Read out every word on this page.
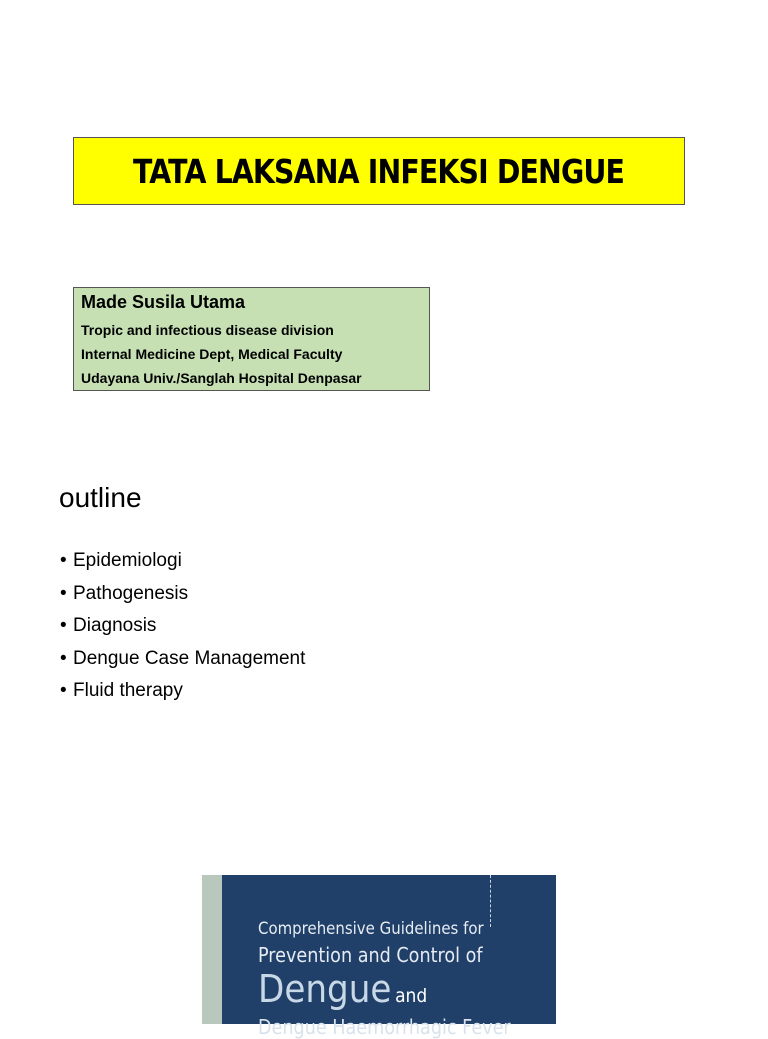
TATA LAKSANA INFEKSI DENGUE
Made Susila Utama
Tropic and infectious disease division
Internal Medicine Dept, Medical Faculty
Udayana Univ./Sanglah Hospital Denpasar
outline
• Epidemiologi
• Pathogenesis
• Diagnosis
• Dengue Case Management
• Fluid therapy
Comprehensive Guidelines for
Prevention and Control of
Dengue and
Dengue Haemorrhagic Fever
